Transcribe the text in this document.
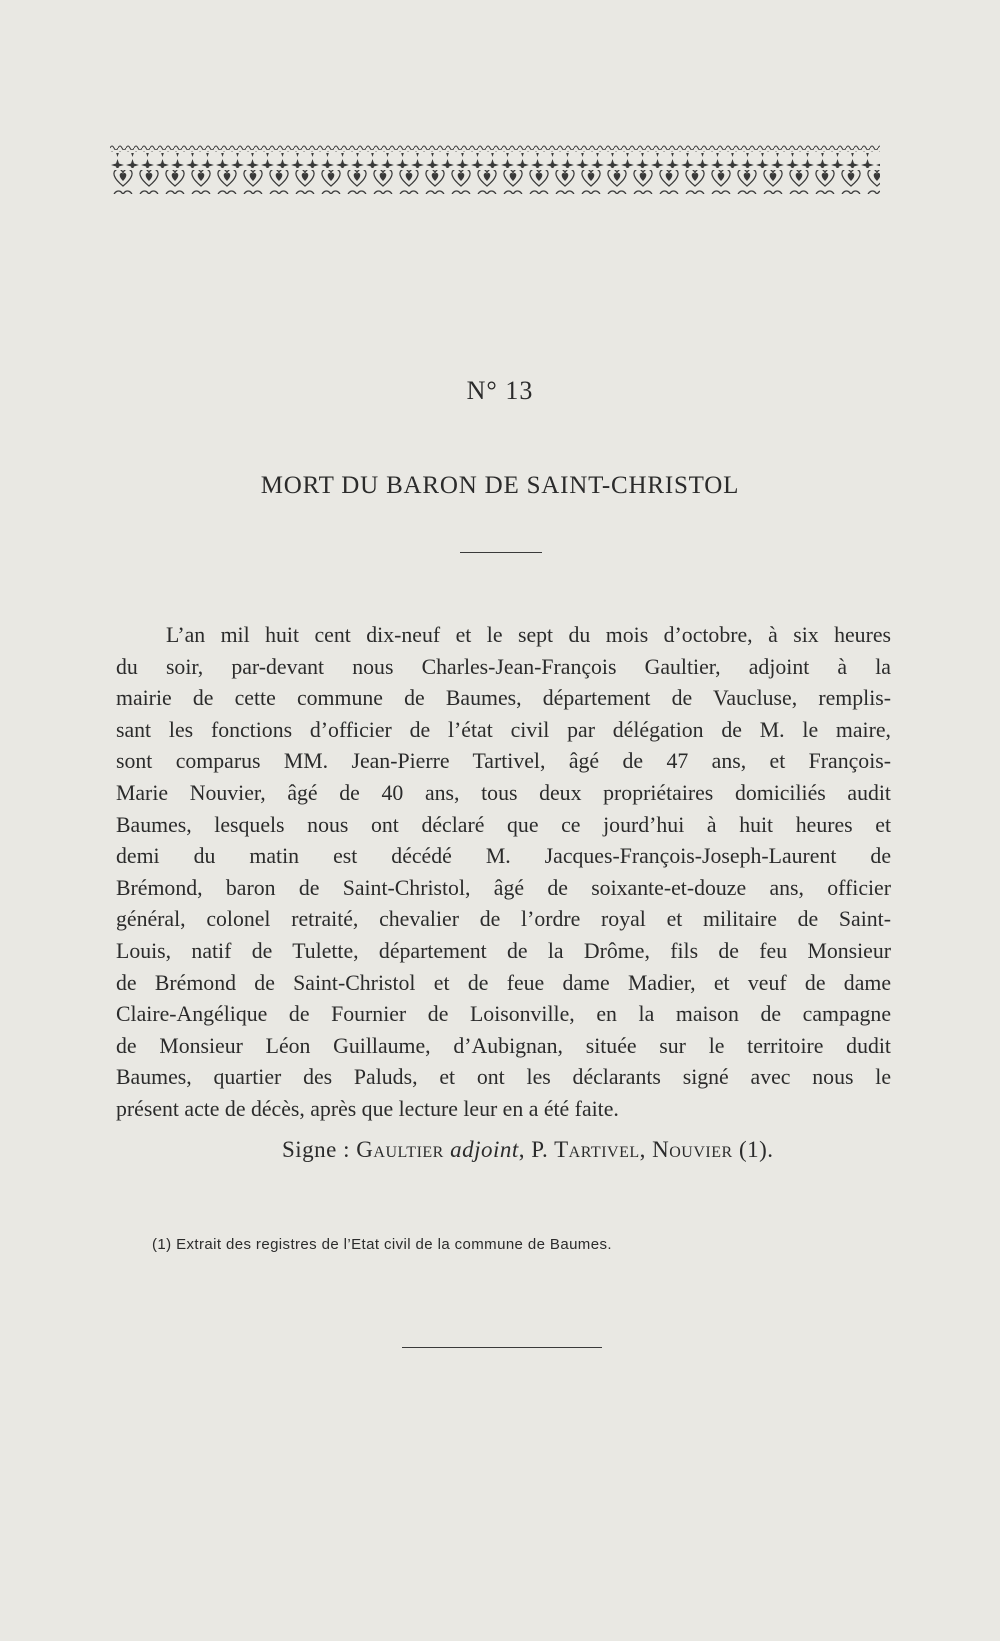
N° 13
MORT DU BARON DE SAINT-CHRISTOL
L’an mil huit cent dix-neuf et le sept du mois d’octobre, à six heures
du soir, par-devant nous Charles-Jean-François Gaultier, adjoint à la
mairie de cette commune de Baumes, département de Vaucluse, remplis-
sant les fonctions d’officier de l’état civil par délégation de M. le maire,
sont comparus MM. Jean-Pierre Tartivel, âgé de 47 ans, et François-
Marie Nouvier, âgé de 40 ans, tous deux propriétaires domiciliés audit
Baumes, lesquels nous ont déclaré que ce jourd’hui à huit heures et
demi du matin est décédé M. Jacques-François-Joseph-Laurent de
Brémond, baron de Saint-Christol, âgé de soixante-et-douze ans, officier
général, colonel retraité, chevalier de l’ordre royal et militaire de Saint-
Louis, natif de Tulette, département de la Drôme, fils de feu Monsieur
de Brémond de Saint-Christol et de feue dame Madier, et veuf de dame
Claire-Angélique de Fournier de Loisonville, en la maison de campagne
de Monsieur Léon Guillaume, d’Aubignan, située sur le territoire dudit
Baumes, quartier des Paluds, et ont les déclarants signé avec nous le
présent acte de décès, après que lecture leur en a été faite.
Signe : Gaultier adjoint, P. Tartivel, Nouvier (1).
(1) Extrait des registres de l’Etat civil de la commune de Baumes.
